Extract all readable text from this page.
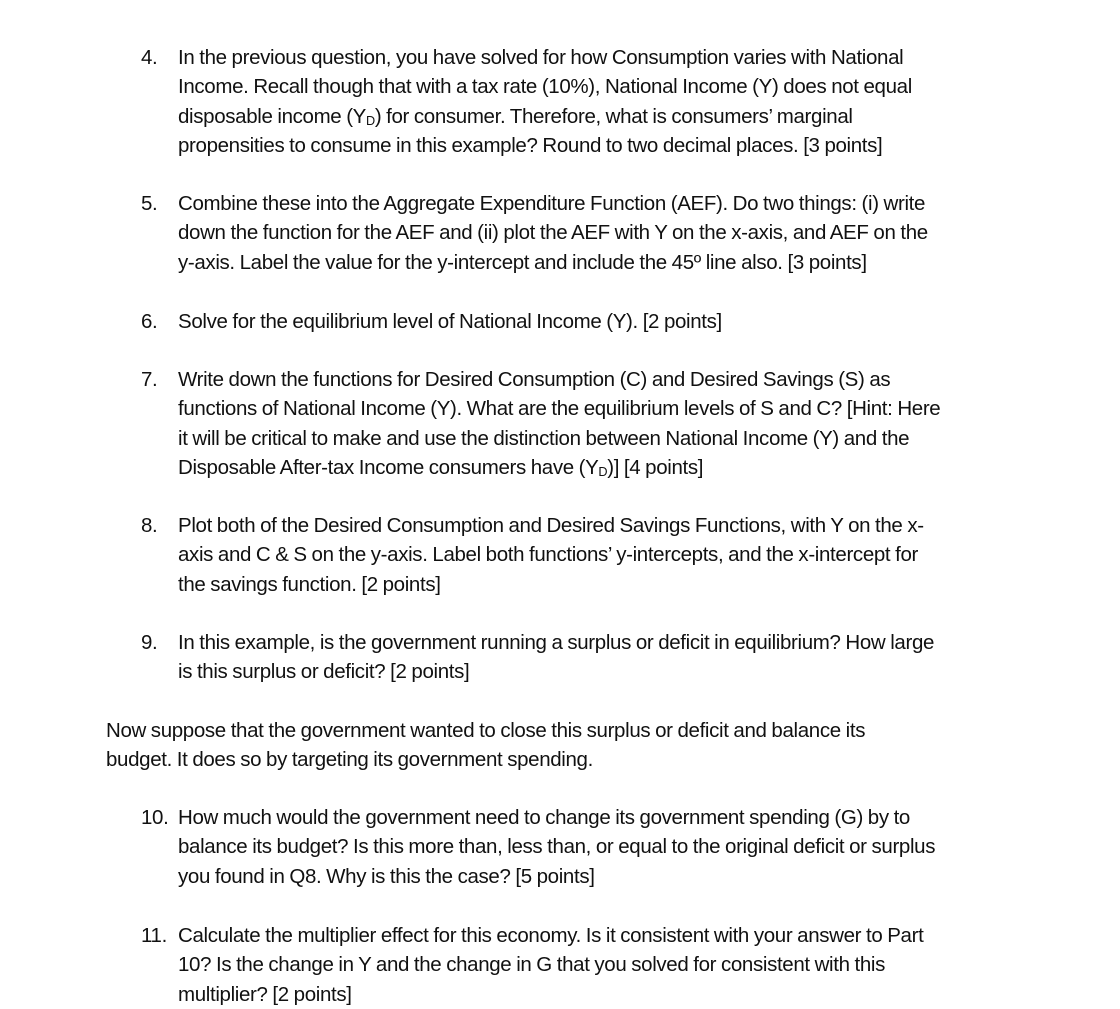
4.	In the previous question, you have solved for how Consumption varies with National
Income. Recall though that with a tax rate (10%), National Income (Y) does not equal
disposable income $(Y_D)$ for consumer. Therefore, what is consumers’ marginal
propensities to consume in this example? Round to two decimal places. [3 points]
5.	Combine these into the Aggregate Expenditure Function (AEF). Do two things: (i) write
down the function for the AEF and (ii) plot the AEF with Y on the x-axis, and AEF on the
y-axis. Label the value for the y-intercept and include the 45º line also. [3 points]
6.	Solve for the equilibrium level of National Income (Y). [2 points]
7.	Write down the functions for Desired Consumption (C) and Desired Savings (S) as
functions of National Income (Y). What are the equilibrium levels of S and C? [Hint: Here
it will be critical to make and use the distinction between National Income (Y) and the
Disposable After-tax Income consumers have $(Y_D)$] [4 points]
8.	Plot both of the Desired Consumption and Desired Savings Functions, with Y on the x-
axis and C & S on the y-axis. Label both functions’ y-intercepts, and the x-intercept for
the savings function. [2 points]
9.	In this example, is the government running a surplus or deficit in equilibrium? How large
is this surplus or deficit? [2 points]
Now suppose that the government wanted to close this surplus or deficit and balance its
budget. It does so by targeting its government spending.
10. How much would the government need to change its government spending (G) by to
balance its budget? Is this more than, less than, or equal to the original deficit or surplus
you found in Q8. Why is this the case? [5 points]
11. Calculate the multiplier effect for this economy. Is it consistent with your answer to Part
10? Is the change in Y and the change in G that you solved for consistent with this
multiplier? [2 points]
